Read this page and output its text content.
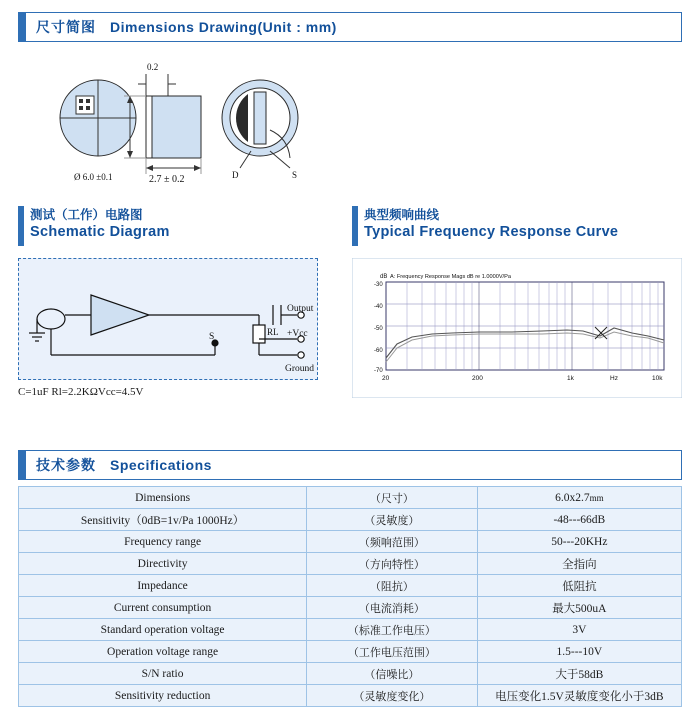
尺寸简图 Dimensions Drawing(Unit : mm)
0.2
Ø 6.0 ±0.1	2.7 ± 0.2	D	S
测试（工作）电路图
Schematic Diagram
典型频响曲线
Typical Frequency Response Curve
RL
Output
+Vcc
Ground
S
C=1uF Rl=2.2KΩVcc=4.5V
-30
-40
-50
-60
-70
dB
20	200	1k	10k
Hz
A: Frequency Response Mags dB re 1.0000V/Pa
技术参数 Specifications
Dimensions	（尺寸）	6.0x2.7mm
Sensitivity（0dB=1v/Pa 1000Hz）	（灵敏度）	-48---66dB
Frequency range	（频响范围）	50---20KHz
Directivity	（方向特性）	全指向
Impedance	（阻抗）	低阻抗
Current consumption	（电流消耗）	最大500uA
Standard operation voltage	（标准工作电压）	3V
Operation voltage range	（工作电压范围）	1.5---10V
S/N ratio	（信噪比）	大于58dB
Sensitivity reduction	（灵敏度变化）	电压变化1.5V灵敏度变化小于3dB
